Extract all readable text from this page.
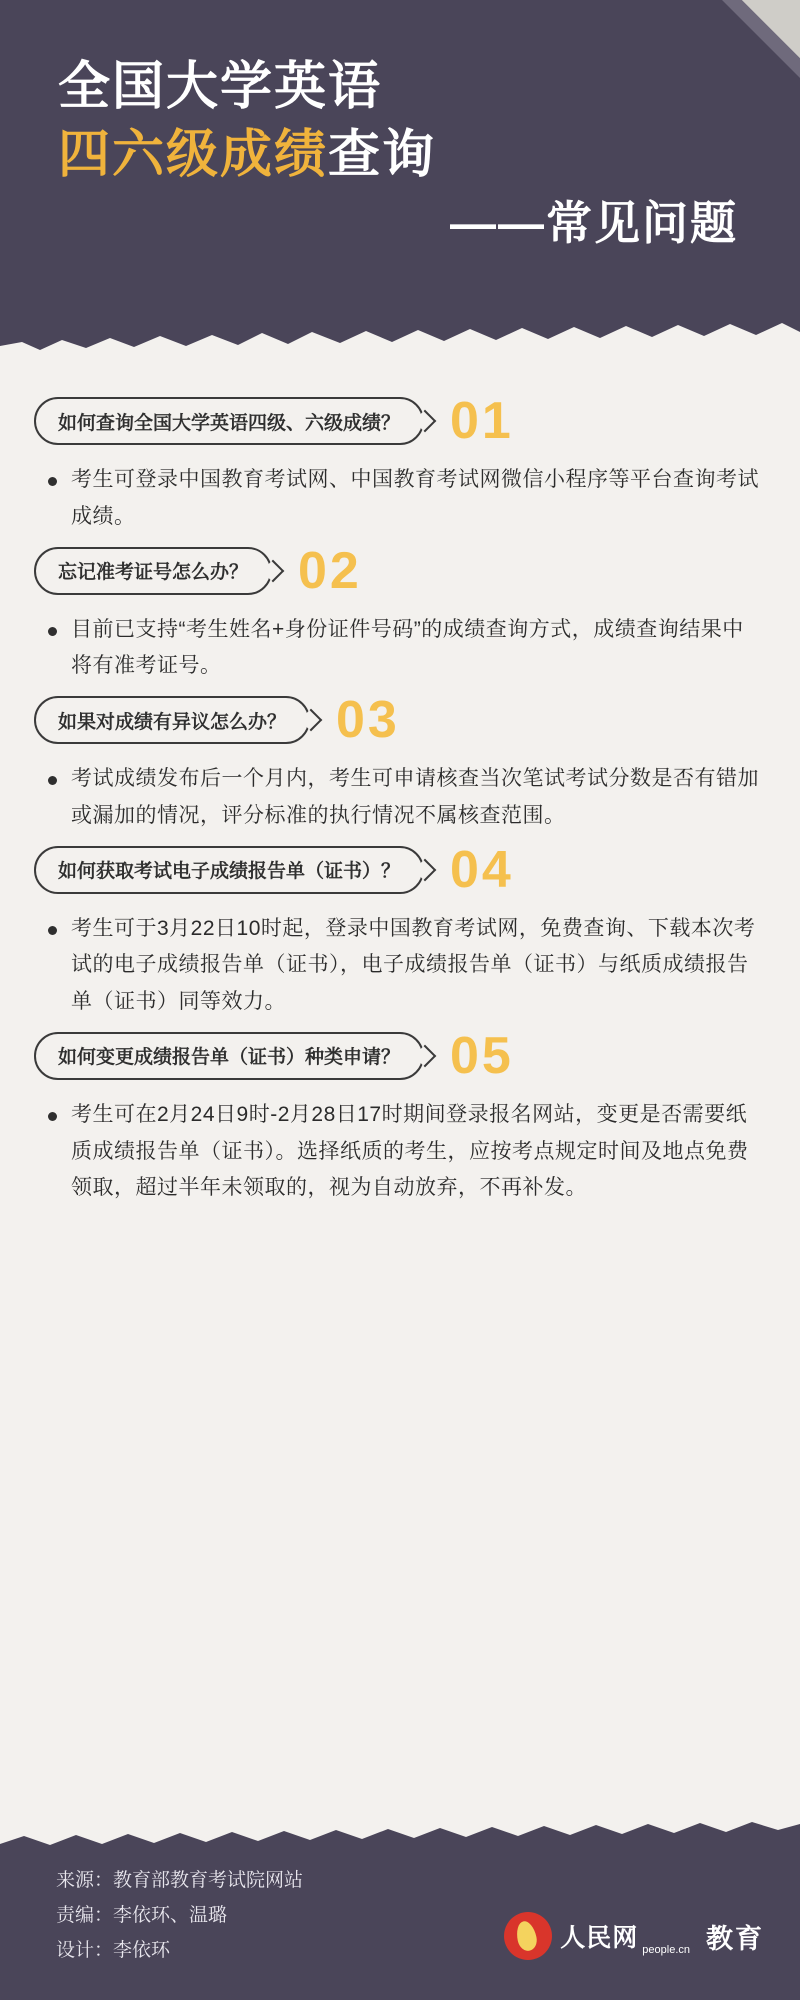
全国大学英语
四六级成绩查询
——常见问题
如何查询全国大学英语四级、六级成绩？ 01
考生可登录中国教育考试网、中国教育考试网微信小程序等平台查询考试成绩。
忘记准考证号怎么办？ 02
目前已支持“考生姓名+身份证件号码”的成绩查询方式，成绩查询结果中将有准考证号。
如果对成绩有异议怎么办？ 03
考试成绩发布后一个月内，考生可申请核查当次笔试考试分数是否有错加或漏加的情况，评分标准的执行情况不属核查范围。
如何获取考试电子成绩报告单（证书）？ 04
考生可于3月22日10时起，登录中国教育考试网，免费查询、下载本次考试的电子成绩报告单（证书），电子成绩报告单（证书）与纸质成绩报告单（证书）同等效力。
如何变更成绩报告单（证书）种类申请？ 05
考生可在2月24日9时-2月28日17时期间登录报名网站，变更是否需要纸质成绩报告单（证书）。选择纸质的考生，应按考点规定时间及地点免费领取，超过半年未领取的，视为自动放弃，不再补发。
来源：教育部教育考试院网站
责编：李依环、温璐
设计：李依环	人民网 people.cn 教育
